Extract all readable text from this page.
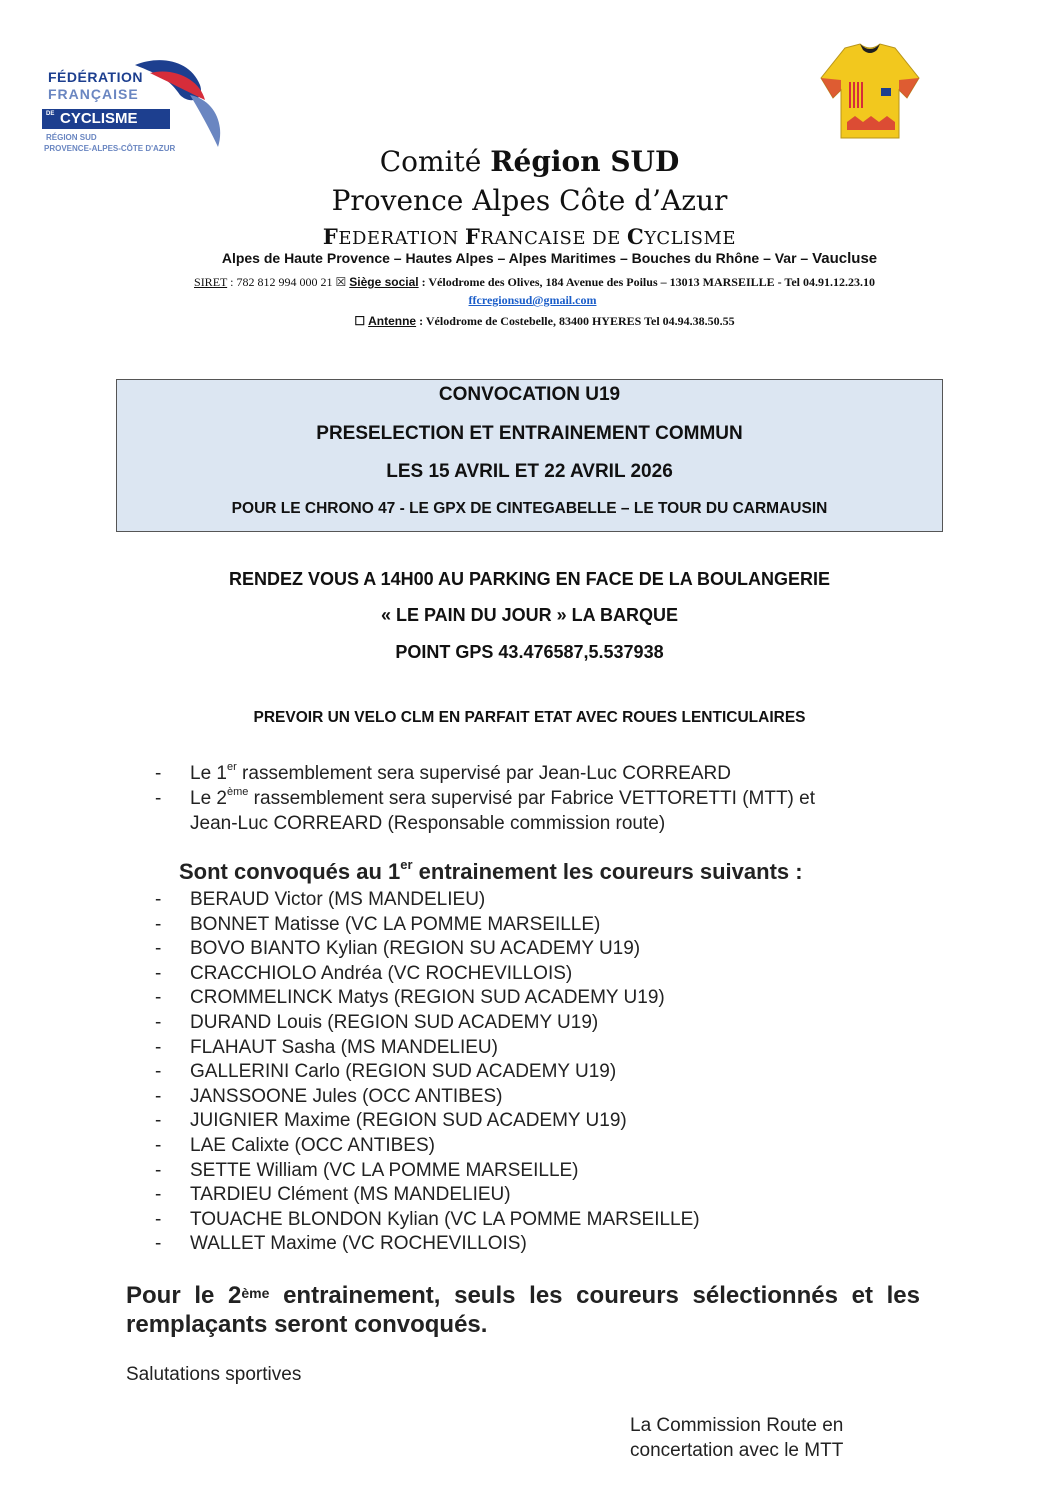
FÉDÉRATION
FRANÇAISE
DE CYCLISME
RÉGION SUD
PROVENCE-ALPES-CÔTE D'AZUR	Comité Région SUD
Provence Alpes Côte d’Azur
FEDERATION FRANCAISE DE CYCLISME
Alpes de Haute Provence – Hautes Alpes – Alpes Maritimes – Bouches du Rhône – Var – Vaucluse
SIRET : 782 812 994 000 21 ☒ Siège social : Vélodrome des Olives, 184 Avenue des Poilus – 13013 MARSEILLE - Tel 04.91.12.23.10
ffcregionsud@gmail.com
☐ Antenne : Vélodrome de Costebelle, 83400 HYERES Tel 04.94.38.50.55
CONVOCATION U19
PRESELECTION ET ENTRAINEMENT COMMUN
LES 15 AVRIL ET 22 AVRIL 2026
POUR LE CHRONO 47 - LE GPX DE CINTEGABELLE – LE TOUR DU CARMAUSIN
RENDEZ VOUS A 14H00 AU PARKING EN FACE DE LA BOULANGERIE
« LE PAIN DU JOUR » LA BARQUE
POINT GPS 43.476587,5.537938
PREVOIR UN VELO CLM EN PARFAIT ETAT AVEC ROUES LENTICULAIRES
- Le 1er rassemblement sera supervisé par Jean-Luc CORREARD
- Le 2ème rassemblement sera supervisé par Fabrice VETTORETTI (MTT) et
Jean-Luc CORREARD (Responsable commission route)
Sont convoqués au 1er entrainement les coureurs suivants :
- BERAUD Victor (MS MANDELIEU)
- BONNET Matisse (VC LA POMME MARSEILLE)
- BOVO BIANTO Kylian (REGION SU ACADEMY U19)
- CRACCHIOLO Andréa (VC ROCHEVILLOIS)
- CROMMELINCK Matys (REGION SUD ACADEMY U19)
- DURAND Louis (REGION SUD ACADEMY U19)
- FLAHAUT Sasha (MS MANDELIEU)
- GALLERINI Carlo (REGION SUD ACADEMY U19)
- JANSSOONE Jules (OCC ANTIBES)
- JUIGNIER Maxime (REGION SUD ACADEMY U19)
- LAE Calixte (OCC ANTIBES)
- SETTE William (VC LA POMME MARSEILLE)
- TARDIEU Clément (MS MANDELIEU)
- TOUACHE BLONDON Kylian (VC LA POMME MARSEILLE)
- WALLET Maxime (VC ROCHEVILLOIS)
Pour le 2ème entrainement, seuls les coureurs sélectionnés et les remplaçants seront convoqués.
Salutations sportives
La Commission Route en
concertation avec le MTT
